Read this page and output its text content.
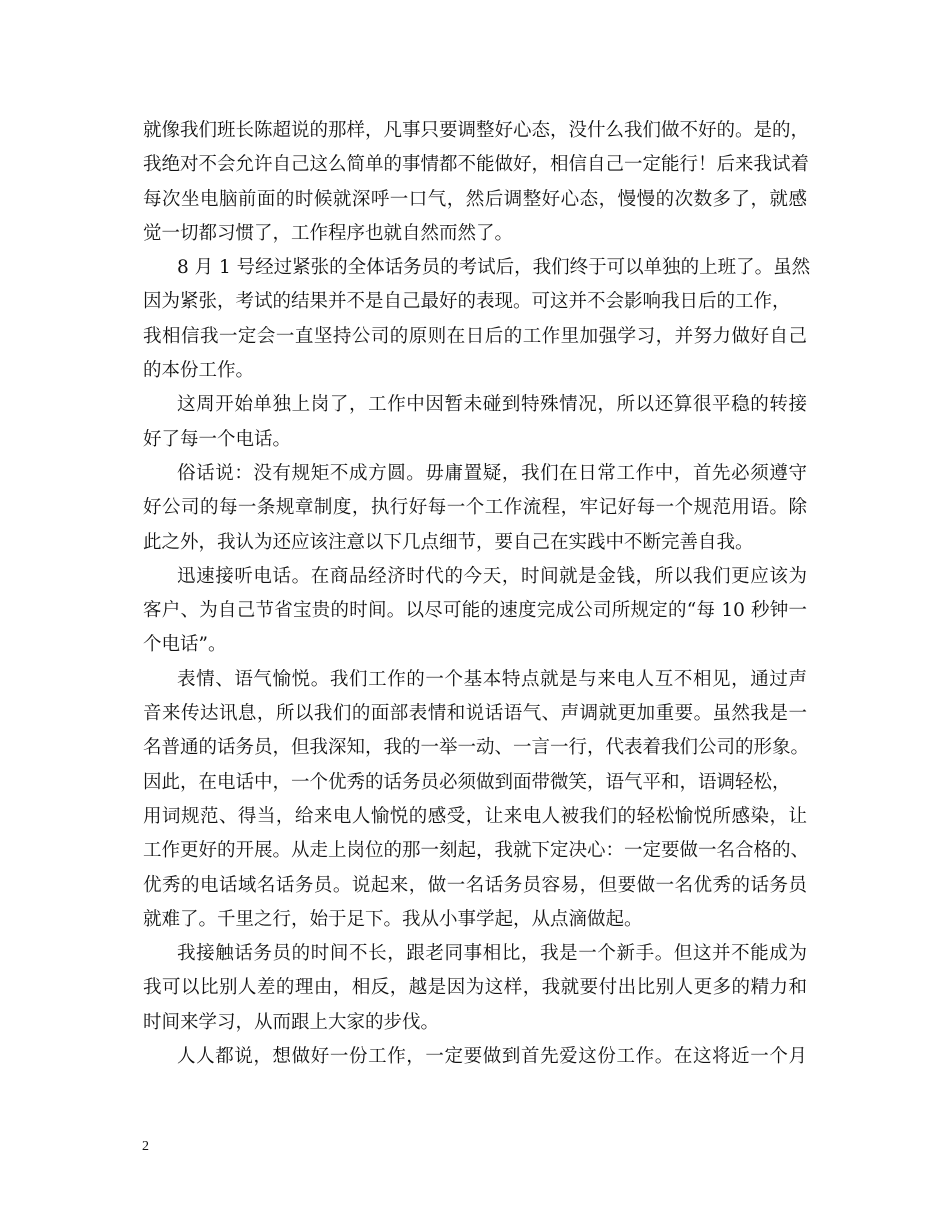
就像我们班长陈超说的那样，凡事只要调整好心态，没什么我们做不好的。是的，
我绝对不会允许自己这么简单的事情都不能做好，相信自己一定能行！后来我试着
每次坐电脑前面的时候就深呼一口气，然后调整好心态，慢慢的次数多了，就感
觉一切都习惯了，工作程序也就自然而然了。
8 月 1 号经过紧张的全体话务员的考试后，我们终于可以单独的上班了。虽然
因为紧张，考试的结果并不是自己最好的表现。可这并不会影响我日后的工作，
我相信我一定会一直坚持公司的原则在日后的工作里加强学习，并努力做好自己
的本份工作。
这周开始单独上岗了，工作中因暂未碰到特殊情况，所以还算很平稳的转接
好了每一个电话。
俗话说：没有规矩不成方圆。毋庸置疑，我们在日常工作中，首先必须遵守
好公司的每一条规章制度，执行好每一个工作流程，牢记好每一个规范用语。除
此之外，我认为还应该注意以下几点细节，要自己在实践中不断完善自我。
迅速接听电话。在商品经济时代的今天，时间就是金钱，所以我们更应该为
客户、为自己节省宝贵的时间。以尽可能的速度完成公司所规定的“每 10 秒钟一
个电话”。
表情、语气愉悦。我们工作的一个基本特点就是与来电人互不相见，通过声
音来传达讯息，所以我们的面部表情和说话语气、声调就更加重要。虽然我是一
名普通的话务员，但我深知，我的一举一动、一言一行，代表着我们公司的形象。
因此，在电话中，一个优秀的话务员必须做到面带微笑，语气平和，语调轻松，
用词规范、得当，给来电人愉悦的感受，让来电人被我们的轻松愉悦所感染，让
工作更好的开展。从走上岗位的那一刻起，我就下定决心：一定要做一名合格的、
优秀的电话域名话务员。说起来，做一名话务员容易，但要做一名优秀的话务员
就难了。千里之行，始于足下。我从小事学起，从点滴做起。
我接触话务员的时间不长，跟老同事相比，我是一个新手。但这并不能成为
我可以比别人差的理由，相反，越是因为这样，我就要付出比别人更多的精力和
时间来学习，从而跟上大家的步伐。
人人都说，想做好一份工作，一定要做到首先爱这份工作。在这将近一个月
2
